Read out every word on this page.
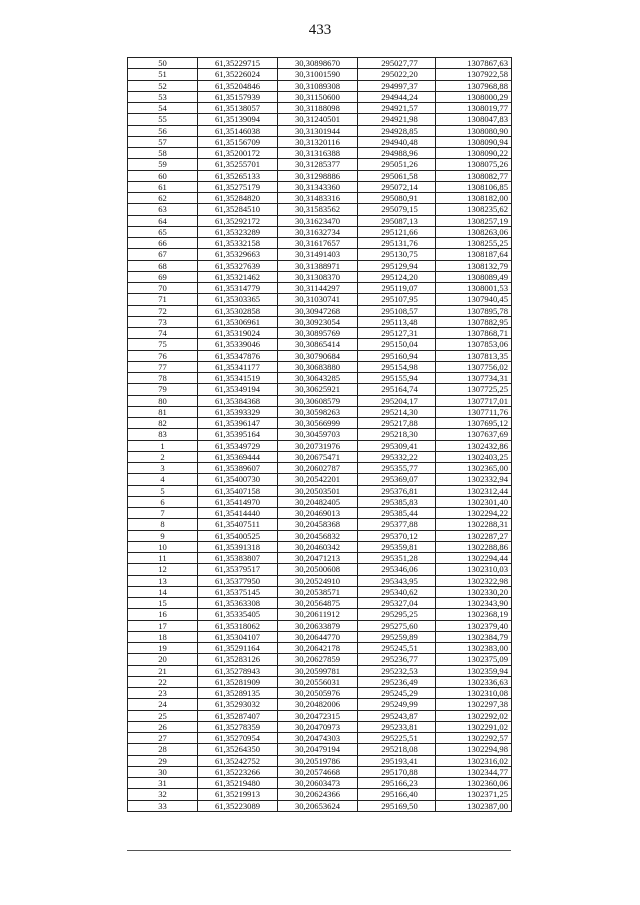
433
50	61,35229715	30,30898670	295027,77	1307867,63
51	61,35226024	30,31001590	295022,20	1307922,58
52	61,35204846	30,31089308	294997,37	1307968,88
53	61,35157939	30,31150600	294944,24	1308000,29
54	61,35138057	30,31188098	294921,57	1308019,77
55	61,35139094	30,31240501	294921,98	1308047,83
56	61,35146038	30,31301944	294928,85	1308080,90
57	61,35156709	30,31320116	294940,48	1308090,94
58	61,35200172	30,31316388	294988,96	1308090,22
59	61,35255701	30,31285377	295051,26	1308075,26
60	61,35265133	30,31298886	295061,58	1308082,77
61	61,35275179	30,31343360	295072,14	1308106,85
62	61,35284820	30,31483316	295080,91	1308182,00
63	61,35284510	30,31583562	295079,15	1308235,62
64	61,35292172	30,31623470	295087,13	1308257,19
65	61,35323289	30,31632734	295121,66	1308263,06
66	61,35332158	30,31617657	295131,76	1308255,25
67	61,35329663	30,31491403	295130,75	1308187,64
68	61,35327639	30,31388971	295129,94	1308132,79
69	61,35321462	30,31308370	295124,20	1308089,49
70	61,35314779	30,31144297	295119,07	1308001,53
71	61,35303365	30,31030741	295107,95	1307940,45
72	61,35302858	30,30947268	295108,57	1307895,78
73	61,35306961	30,30923054	295113,48	1307882,95
74	61,35319024	30,30895769	295127,31	1307868,71
75	61,35339046	30,30865414	295150,04	1307853,06
76	61,35347876	30,30790684	295160,94	1307813,35
77	61,35341177	30,30683880	295154,98	1307756,02
78	61,35341519	30,30643285	295155,94	1307734,31
79	61,35349194	30,30625921	295164,74	1307725,25
80	61,35384368	30,30608579	295204,17	1307717,01
81	61,35393329	30,30598263	295214,30	1307711,76
82	61,35396147	30,30566999	295217,88	1307695,12
83	61,35395164	30,30459703	295218,30	1307637,69
1	61,35349729	30,20731976	295309,41	1302432,86
2	61,35369444	30,20675471	295332,22	1302403,25
3	61,35389607	30,20602787	295355,77	1302365,00
4	61,35400730	30,20542201	295369,07	1302332,94
5	61,35407158	30,20503501	295376,81	1302312,44
6	61,35414970	30,20482405	295385,83	1302301,40
7	61,35414440	30,20469013	295385,44	1302294,22
8	61,35407511	30,20458368	295377,88	1302288,31
9	61,35400525	30,20456832	295370,12	1302287,27
10	61,35391318	30,20460342	295359,81	1302288,86
11	61,35383807	30,20471213	295351,28	1302294,44
12	61,35379517	30,20500608	295346,06	1302310,03
13	61,35377950	30,20524910	295343,95	1302322,98
14	61,35375145	30,20538571	295340,62	1302330,20
15	61,35363308	30,20564875	295327,04	1302343,90
16	61,35335405	30,20611912	295295,25	1302368,19
17	61,35318062	30,20633879	295275,60	1302379,40
18	61,35304107	30,20644770	295259,89	1302384,79
19	61,35291164	30,20642178	295245,51	1302383,00
20	61,35283126	30,20627859	295236,77	1302375,09
21	61,35278943	30,20599781	295232,53	1302359,94
22	61,35281909	30,20556031	295236,49	1302336,63
23	61,35289135	30,20505976	295245,29	1302310,08
24	61,35293032	30,20482006	295249,99	1302297,38
25	61,35287407	30,20472315	295243,87	1302292,02
26	61,35278359	30,20470973	295233,81	1302291,02
27	61,35270954	30,20474303	295225,51	1302292,57
28	61,35264350	30,20479194	295218,08	1302294,98
29	61,35242752	30,20519786	295193,41	1302316,02
30	61,35223266	30,20574668	295170,88	1302344,77
31	61,35219480	30,20603473	295166,23	1302360,06
32	61,35219913	30,20624366	295166,40	1302371,25
33	61,35223089	30,20653624	295169,50	1302387,00
